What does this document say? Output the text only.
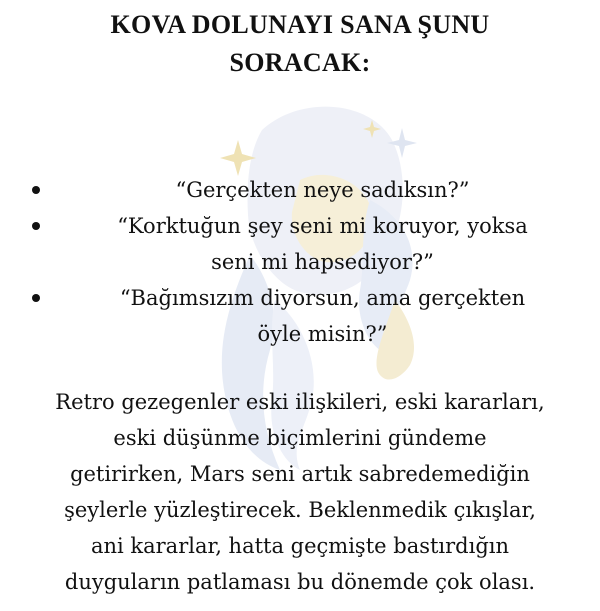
KOVA DOLUNAYI SANA ŞUNU
SORACAK:
“Gerçekten neye sadıksın?”
“Korktuğun şey seni mi koruyor, yoksa
seni mi hapsediyor?”
“Bağımsızım diyorsun, ama gerçekten
öyle misin?”
Retro gezegenler eski ilişkileri, eski kararları,
eski düşünme biçimlerini gündeme
getirirken, Mars seni artık sabredemediğin
şeylerle yüzleştirecek. Beklenmedik çıkışlar,
ani kararlar, hatta geçmişte bastırdığın
duyguların patlaması bu dönemde çok olası.
